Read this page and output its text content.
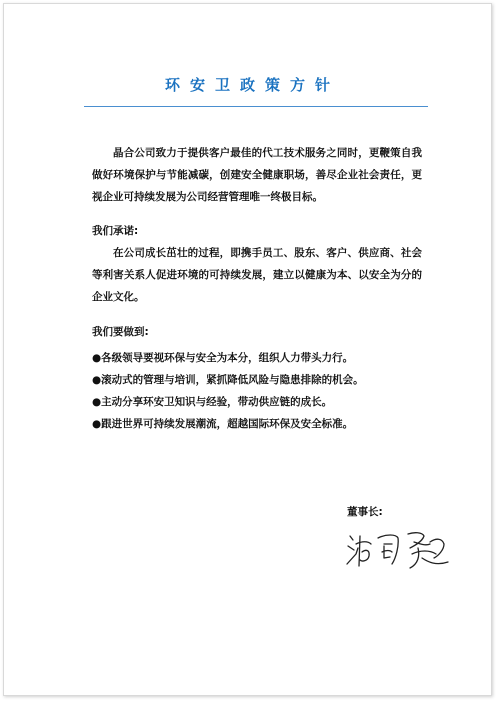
环安卫政策方针

晶合公司致力于提供客户最佳的代工技术服务之同时，更鞭策自我做好环境保护与节能减碳，创建安全健康职场，善尽企业社会责任，更视企业可持续发展为公司经营管理唯一终极目标。

我们承诺:

在公司成长茁壮的过程，即携手员工、股东、客户、供应商、社会等利害关系人促进环境的可持续发展，建立以健康为本、以安全为分的企业文化。

我们要做到:
●各级领导要视环保与安全为本分，组织人力带头力行。
●滚动式的管理与培训，紧抓降低风险与隐患排除的机会。
●主动分享环安卫知识与经验，带动供应链的成长。
●跟进世界可持续发展潮流，超越国际环保及安全标准。
董事长:
